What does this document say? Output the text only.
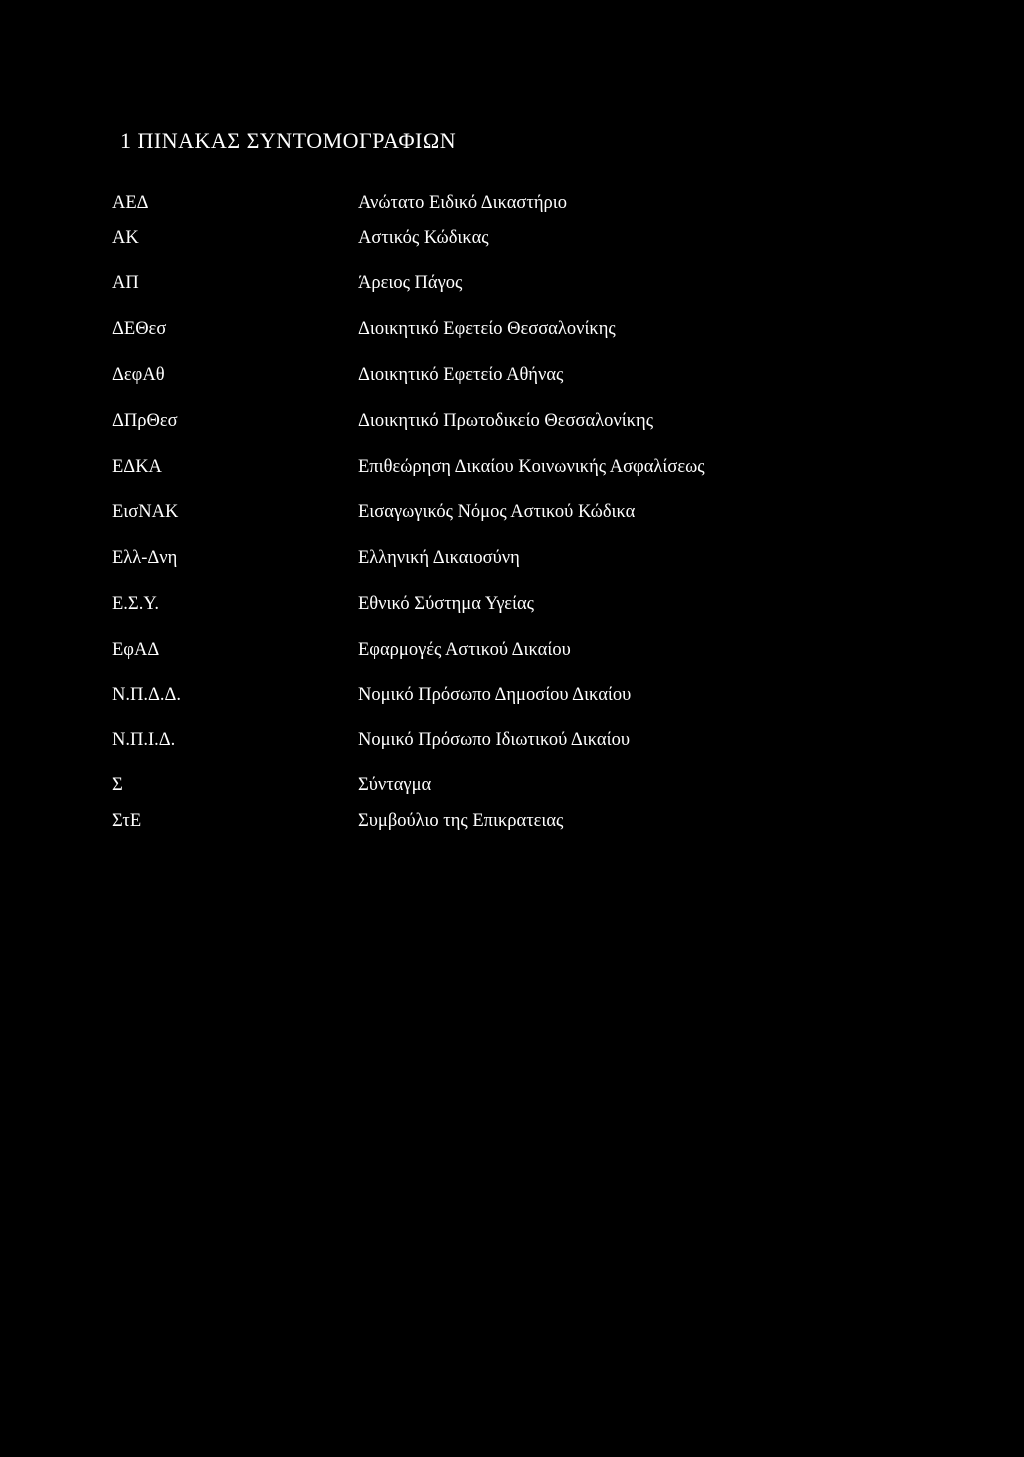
1 ΠΙΝΑΚΑΣ ΣΥΝΤΟΜΟΓΡΑΦΙΩΝ
ΑΕΔ	Ανώτατο Ειδικό Δικαστήριο
ΑΚ	Αστικός Κώδικας
ΑΠ	Άρειος Πάγος
ΔΕΘεσ	Διοικητικό Εφετείο Θεσσαλονίκης
ΔεφΑθ	Διοικητικό Εφετείο Αθήνας
ΔΠρΘεσ	Διοικητικό Πρωτοδικείο Θεσσαλονίκης
ΕΔΚΑ	Επιθεώρηση Δικαίου Κοινωνικής Ασφαλίσεως
ΕισΝΑΚ	Εισαγωγικός Νόμος Αστικού Κώδικα
Ελλ-Δνη	Ελληνική Δικαιοσύνη
Ε.Σ.Υ.	Εθνικό Σύστημα Υγείας
ΕφΑΔ	Εφαρμογές Αστικού Δικαίου
Ν.Π.Δ.Δ.	Νομικό Πρόσωπο Δημοσίου Δικαίου
Ν.Π.Ι.Δ.	Νομικό Πρόσωπο Ιδιωτικού Δικαίου
Σ	Σύνταγμα
ΣτΕ	Συμβούλιο της Επικρατειας
